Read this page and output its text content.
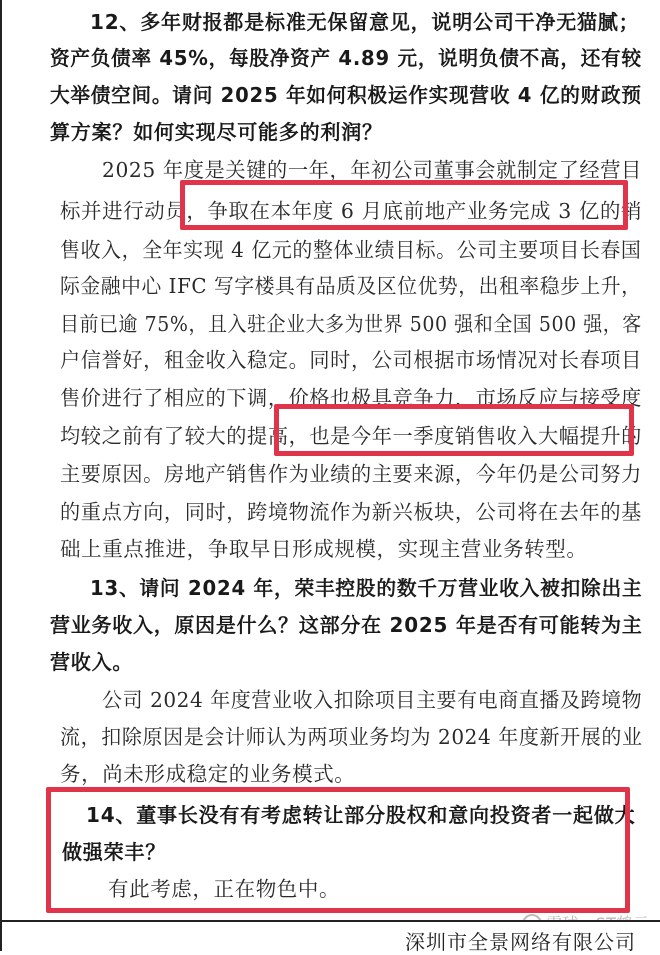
12、多年财报都是标准无保留意见，说明公司干净无猫腻；
资产负债率 45%，每股净资产 4.89 元，说明负债不高，还有较
大举债空间。请问 2025 年如何积极运作实现营收 4 亿的财政预
算方案？如何实现尽可能多的利润？
2025 年度是关键的一年，年初公司董事会就制定了经营目
标并进行动员，争取在本年度 6 月底前地产业务完成 3 亿的销
售收入，全年实现 4 亿元的整体业绩目标。公司主要项目长春国
际金融中心 IFC 写字楼具有品质及区位优势，出租率稳步上升，
目前已逾 75%，且入驻企业大多为世界 500 强和全国 500 强，客
户信誉好，租金收入稳定。同时，公司根据市场情况对长春项目
售价进行了相应的下调，价格也极具竞争力，市场反应与接受度
均较之前有了较大的提高，也是今年一季度销售收入大幅提升的
主要原因。房地产销售作为业绩的主要来源，今年仍是公司努力
的重点方向，同时，跨境物流作为新兴板块，公司将在去年的基
础上重点推进，争取早日形成规模，实现主营业务转型。
13、请问 2024 年，荣丰控股的数千万营业收入被扣除出主
营业务收入，原因是什么？这部分在 2025 年是否有可能转为主
营收入。
公司 2024 年度营业收入扣除项目主要有电商直播及跨境物
流，扣除原因是会计师认为两项业务均为 2024 年度新开展的业
务，尚未形成稳定的业务模式。
14、董事长没有有考虑转让部分股权和意向投资者一起做大
做强荣丰？
有此考虑，正在物色中。
深圳市全景网络有限公司
